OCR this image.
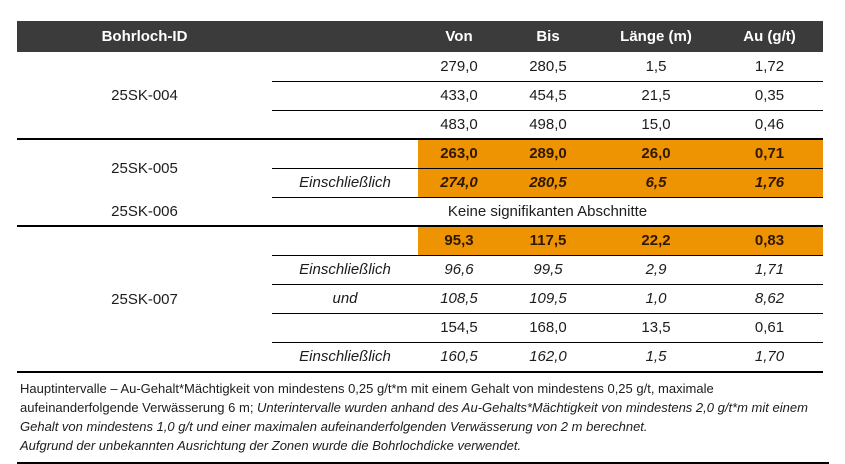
Bohrloch-ID		Von	Bis	Länge (m)	Au (g/t)
25SK-004		279,0	280,5	1,5	1,72
		433,0	454,5	21,5	0,35
		483,0	498,0	15,0	0,46
25SK-005		263,0	289,0	26,0	0,71
	Einschließlich	274,0	280,5	6,5	1,76
25SK-006	Keine signifikanten Abschnitte				
25SK-007		95,3	117,5	22,2	0,83
	Einschließlich	96,6	99,5	2,9	1,71
	und	108,5	109,5	1,0	8,62
		154,5	168,0	13,5	0,61
	Einschließlich	160,5	162,0	1,5	1,70

Hauptintervalle – Au-Gehalt*Mächtigkeit von mindestens 0,25 g/t*m mit einem Gehalt von mindestens 0,25 g/t, maximale aufeinanderfolgende Verwässerung 6 m; Unterintervalle wurden anhand des Au-Gehalts*Mächtigkeit von mindestens 2,0 g/t*m mit einem Gehalt von mindestens 1,0 g/t und einer maximalen aufeinanderfolgenden Verwässerung von 2 m berechnet.

Aufgrund der unbekannten Ausrichtung der Zonen wurde die Bohrlochdicke verwendet.
